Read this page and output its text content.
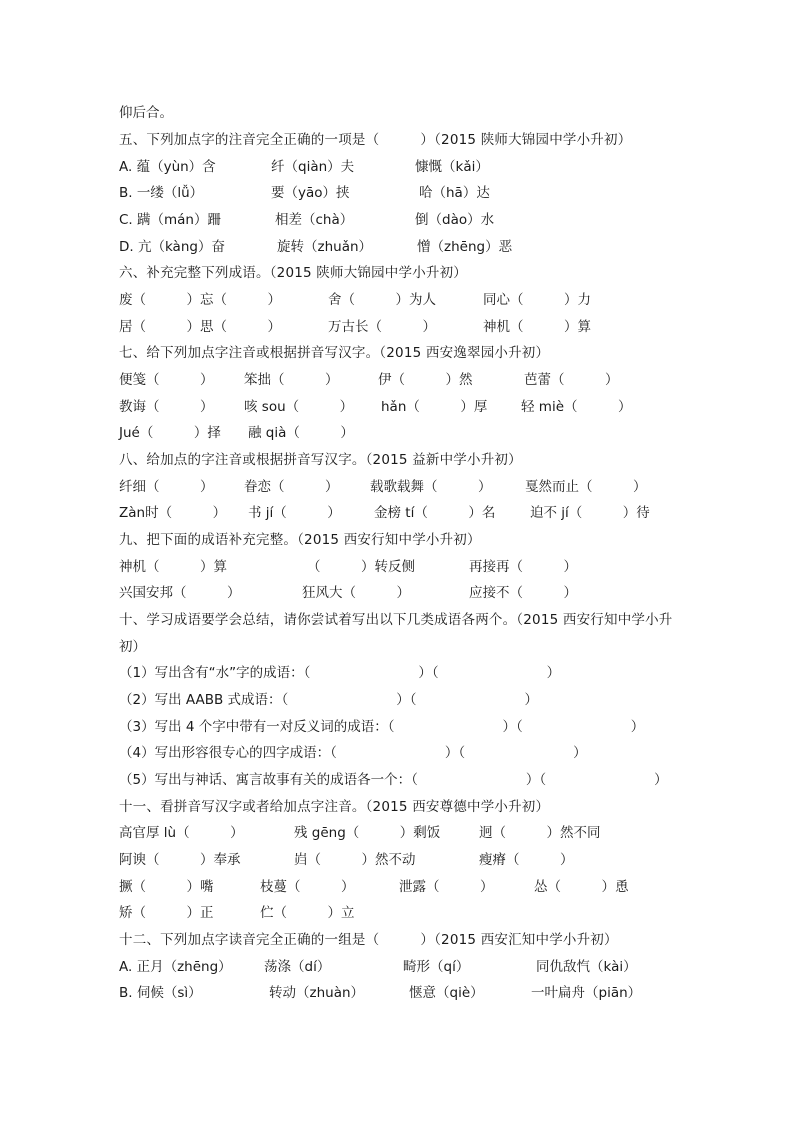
仰后合。
五、下列加点字的注音完全正确的一项是（　　　）（2015 陕师大锦园中学小升初）
A. 蕴（yùn）含	纤（qiàn）夫	慷慨（kǎi）
B. 一缕（lǚ）	要（yāo）挟	哈（hā）达
C. 蹒（mán）跚	相差（chà）	倒（dào）水
D. 亢（kàng）奋	旋转（zhuǎn）	憎（zhēng）恶
六、补充完整下列成语。（2015 陕师大锦园中学小升初）
废（　　　）忘（　　　）	舍（　　　）为人	同心（　　　）力
居（　　　）思（　　　）	万古长（　　　）	神机（　　　）算
七、给下列加点字注音或根据拼音写汉字。（2015 西安逸翠园小升初）
便笺（　　　） 笨拙（　　　）	伊（　　　）然	芭蕾（　　　）
教诲（　　　） 咳 sou（　　　） hǎn（　　　）厚 轻 miè（　　　）
Jué（　　　）择 融 qià（　　　）
八、给加点的字注音或根据拼音写汉字。（2015 益新中学小升初）
纤细（　　　） 眷恋（　　　） 载歌载舞（　　　） 戛然而止（　　　）
Zàn时（　　　） 书 jí（　　　） 金榜 tí（　　　）名	迫不 jí（　　　）待
九、把下面的成语补充完整。（2015 西安行知中学小升初）
神机（　　　）算	（　　　）转反侧	再接再（　　　）
兴国安邦（　　　）	狂风大（　　　）	应接不（　　　）
十、学习成语要学会总结，请你尝试着写出以下几类成语各两个。（2015 西安行知中学小升
初）
（1）写出含有“水”字的成语：（　　　　　　　　）（　　　　　　　　）
（2）写出 AABB 式成语：（　　　　　　　　）（　　　　　　　　）
（3）写出 4 个字中带有一对反义词的成语：（　　　　　　　　）（　　　　　　　　）
（4）写出形容很专心的四字成语：（　　　　　　　　）（　　　　　　　　）
（5）写出与神话、寓言故事有关的成语各一个：（　　　　　　　　）（　　　　　　　　）
十一、看拼音写汉字或者给加点字注音。（2015 西安尊德中学小升初）
高官厚 lù（　　　）	残 gēng（　　　）剩饭	迥（　　　）然不同
阿谀（　　　）奉承	岿（　　　）然不动	瘦瘠（　　　）
撅（　　　）嘴	枝蔓（　　　）	泄露（　　　）	怂（　　　）恿
矫（　　　）正	伫（　　　）立
十二、下列加点字读音完全正确的一组是（　　　）（2015 西安汇知中学小升初）
A. 正月（zhēng） 荡涤（dí）	畸形（qí）	同仇敌忾（kài）
B. 伺候（sì）	转动（zhuàn）	惬意（qiè）	一叶扁舟（piān）
